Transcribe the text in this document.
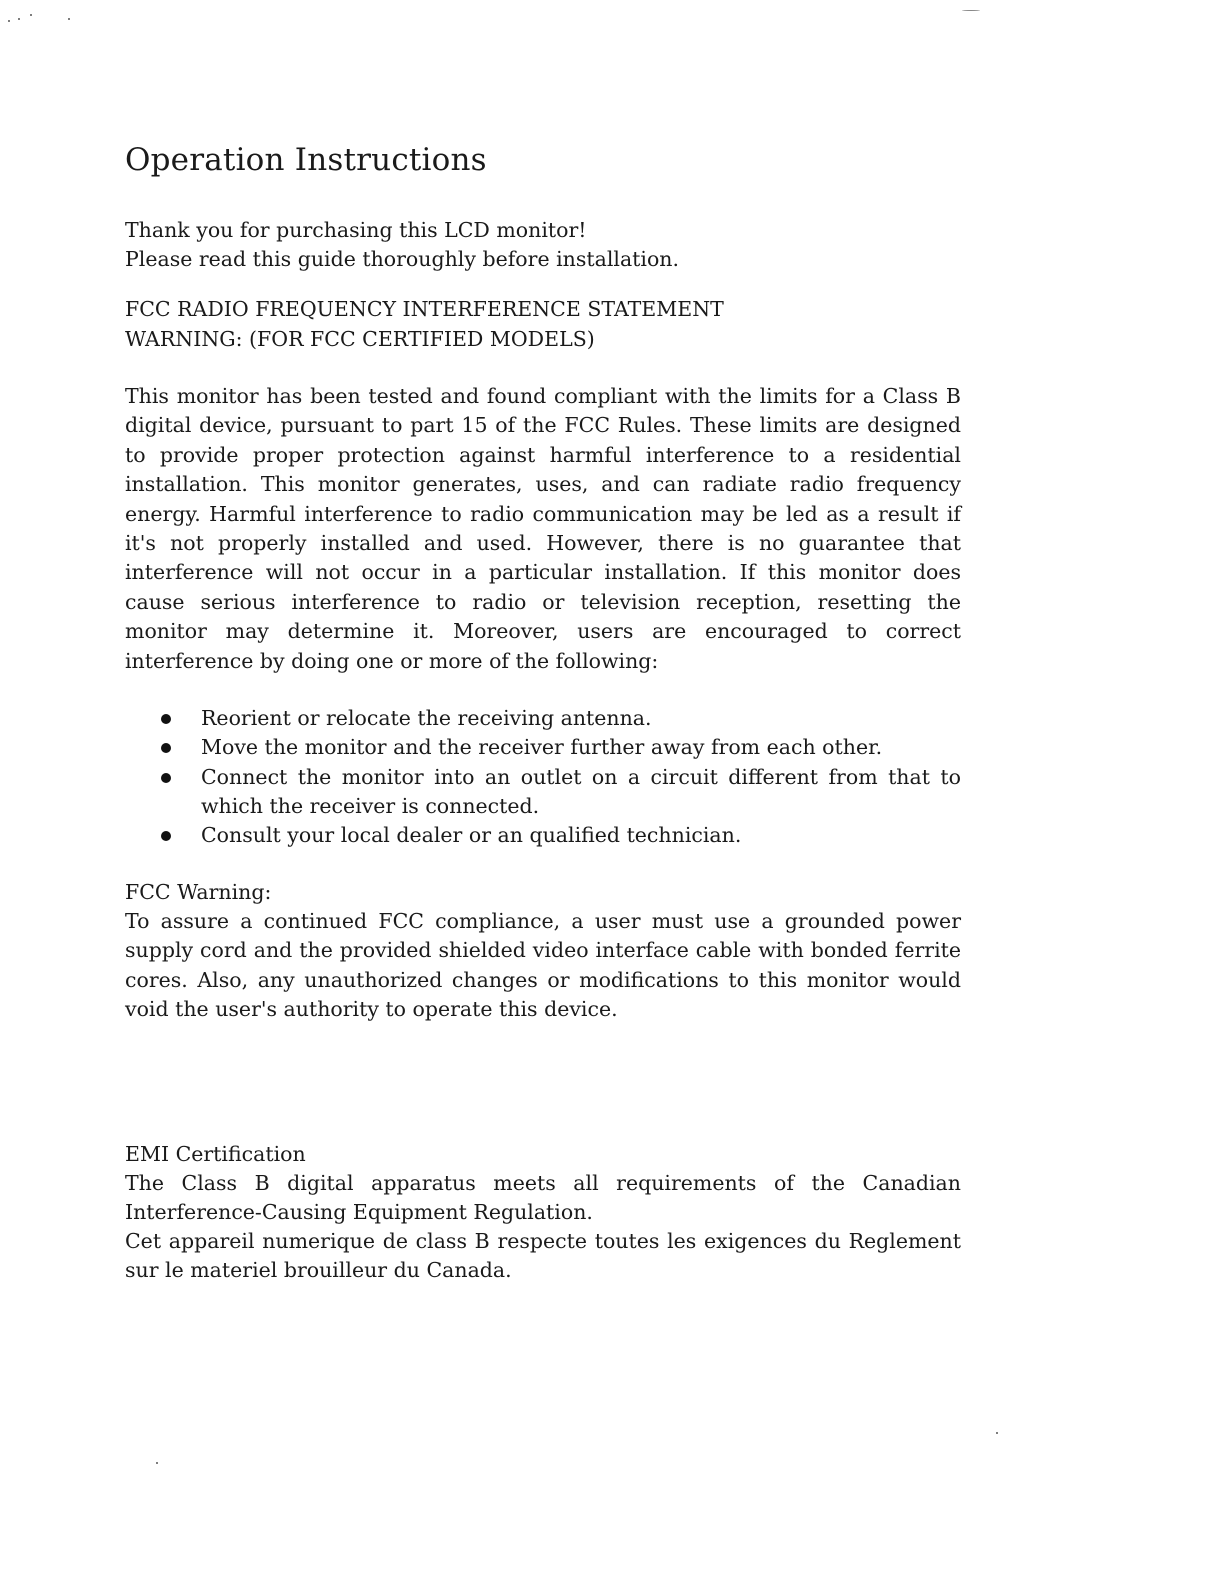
Operation Instructions
Thank you for purchasing this LCD monitor!
Please read this guide thoroughly before installation.
FCC RADIO FREQUENCY INTERFERENCE STATEMENT
WARNING: (FOR FCC CERTIFIED MODELS)

This monitor has been tested and found compliant with the limits for a Class B digital device, pursuant to part 15 of the FCC Rules. These limits are designed to provide proper protection against harmful interference to a residential installation. This monitor generates, uses, and can radiate radio frequency energy. Harmful interference to radio communication may be led as a result if it's not properly installed and used. However, there is no guarantee that interference will not occur in a particular installation. If this monitor does cause serious interference to radio or television reception, resetting the monitor may determine it. Moreover, users are encouraged to correct interference by doing one or more of the following:

Reorient or relocate the receiving antenna.
Move the monitor and the receiver further away from each other.
Connect the monitor into an outlet on a circuit different from that to which the receiver is connected.
Consult your local dealer or an qualified technician.
FCC Warning:

To assure a continued FCC compliance, a user must use a grounded power supply cord and the provided shielded video interface cable with bonded ferrite cores. Also, any unauthorized changes or modifications to this monitor would void the user's authority to operate this device.

EMI Certification

The Class B digital apparatus meets all requirements of the Canadian Interference-Causing Equipment Regulation.

Cet appareil numerique de class B respecte toutes les exigences du Reglement sur le materiel brouilleur du Canada.
